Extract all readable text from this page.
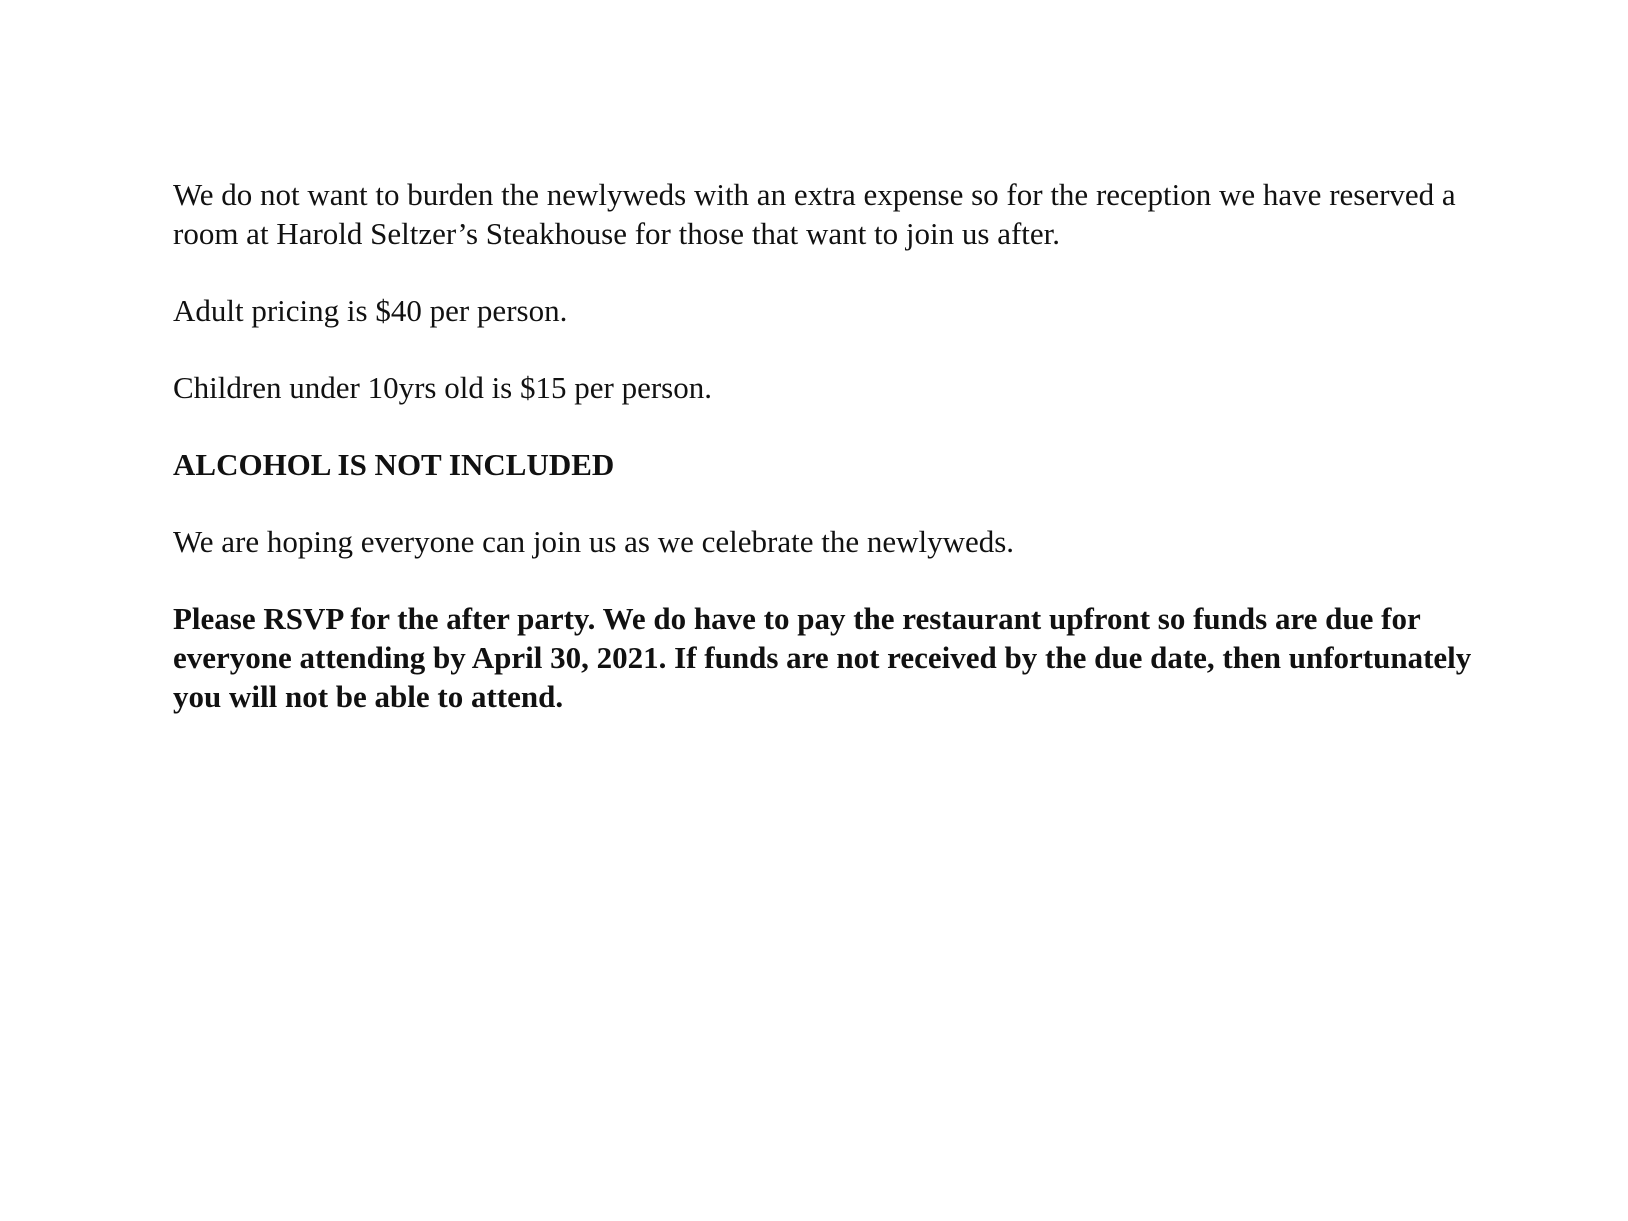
We do not want to burden the newlyweds with an extra expense so for the reception we have reserved a room at Harold Seltzer’s Steakhouse for those that want to join us after.

Adult pricing is $40 per person.

Children under 10yrs old is $15 per person.

ALCOHOL IS NOT INCLUDED

We are hoping everyone can join us as we celebrate the newlyweds.

Please RSVP for the after party. We do have to pay the restaurant upfront so funds are due for everyone attending by April 30, 2021. If funds are not received by the due date, then unfortunately you will not be able to attend.
